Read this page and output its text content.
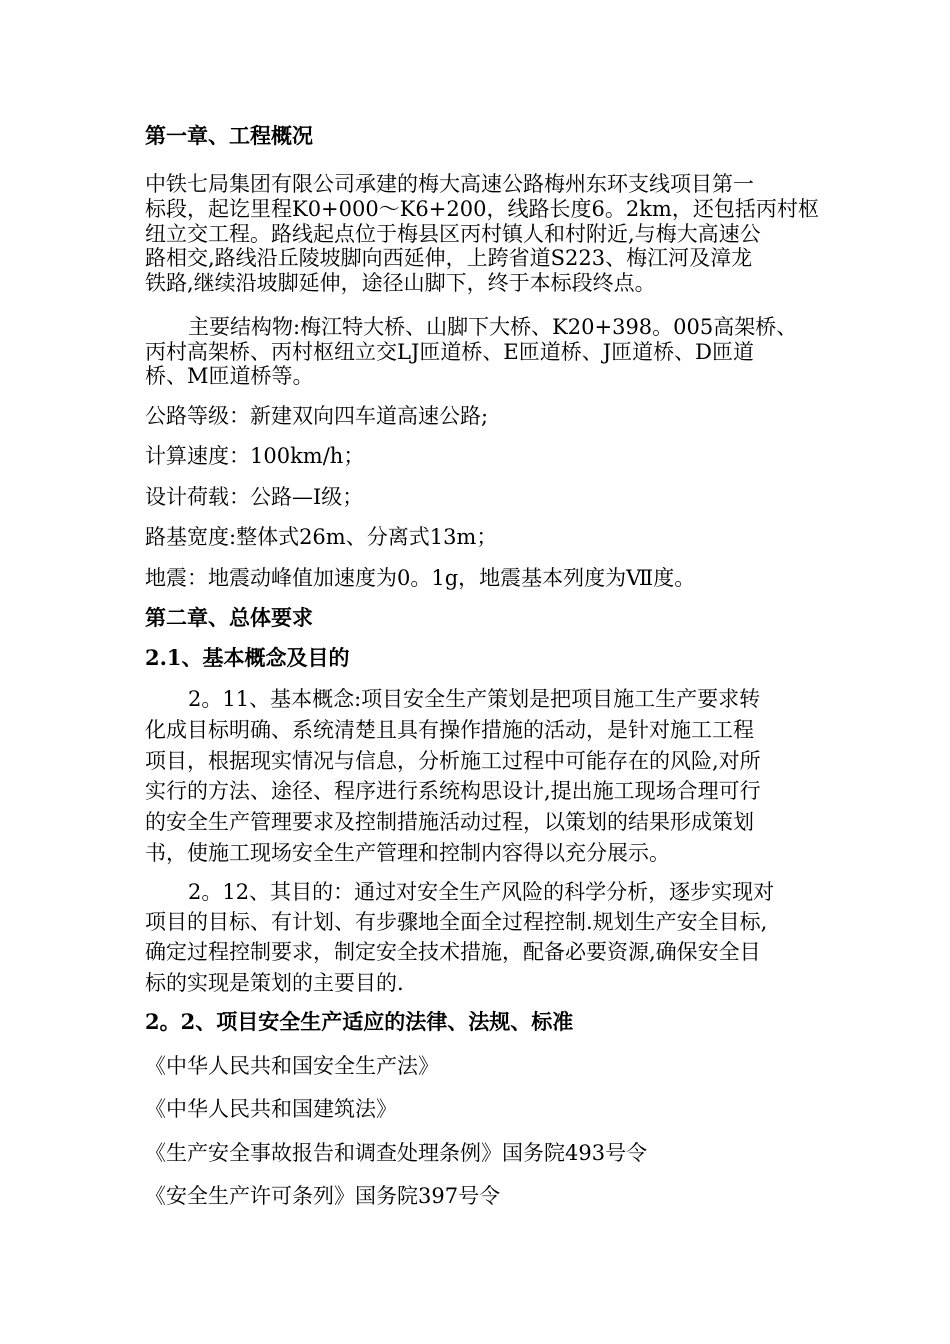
第一章、工程概况
中铁七局集团有限公司承建的梅大高速公路梅州东环支线项目第一
标段，起讫里程K0+000～K6+200，线路长度6。2km，还包括丙村枢
纽立交工程。路线起点位于梅县区丙村镇人和村附近,与梅大高速公
路相交,路线沿丘陵坡脚向西延伸，上跨省道S223、梅江河及漳龙
铁路,继续沿坡脚延伸，途径山脚下，终于本标段终点。
主要结构物:梅江特大桥、山脚下大桥、K20+398。005高架桥、
丙村高架桥、丙村枢纽立交LJ匝道桥、E匝道桥、J匝道桥、D匝道
桥、M匝道桥等。
公路等级：新建双向四车道高速公路;
计算速度：100km/h；
设计荷载：公路—I级；
路基宽度:整体式26m、分离式13m；
地震：地震动峰值加速度为0。1g，地震基本列度为Ⅶ度。
第二章、总体要求
2.1、基本概念及目的
2。11、基本概念:项目安全生产策划是把项目施工生产要求转
化成目标明确、系统清楚且具有操作措施的活动，是针对施工工程
项目，根据现实情况与信息，分析施工过程中可能存在的风险,对所
实行的方法、途径、程序进行系统构思设计,提出施工现场合理可行
的安全生产管理要求及控制措施活动过程，以策划的结果形成策划
书，使施工现场安全生产管理和控制内容得以充分展示。
2。12、其目的：通过对安全生产风险的科学分析，逐步实现对
项目的目标、有计划、有步骤地全面全过程控制.规划生产安全目标,
确定过程控制要求，制定安全技术措施，配备必要资源,确保安全目
标的实现是策划的主要目的.
2。2、项目安全生产适应的法律、法规、标准
《中华人民共和国安全生产法》
《中华人民共和国建筑法》
《生产安全事故报告和调查处理条例》国务院493号令
《安全生产许可条列》国务院397号令
